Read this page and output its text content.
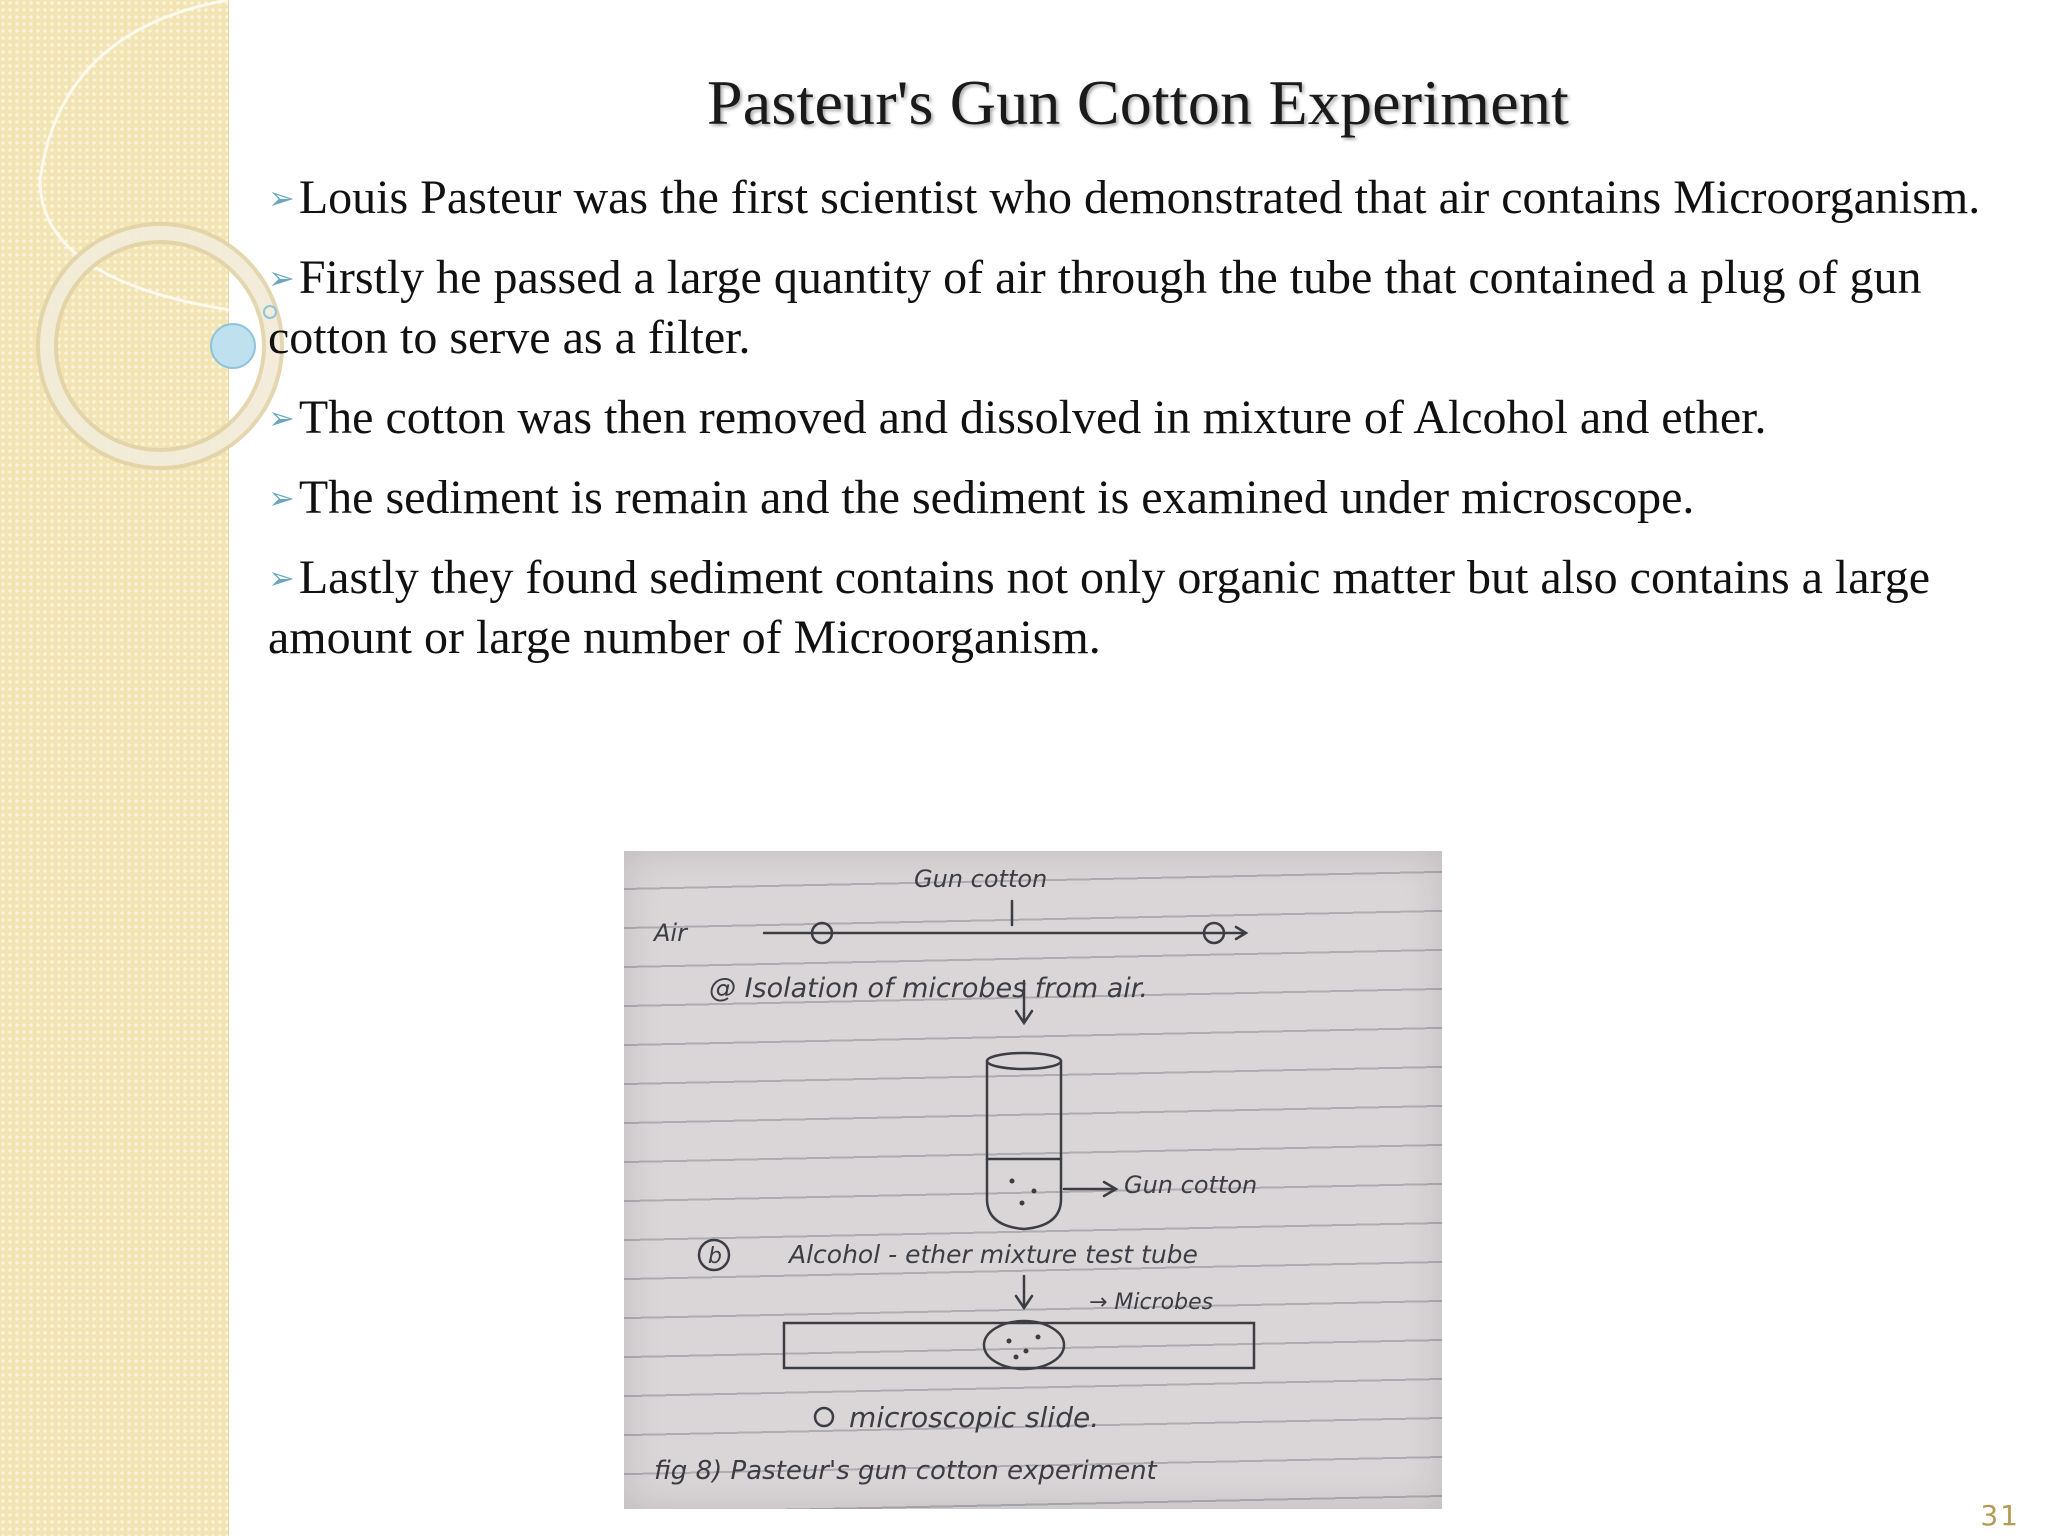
Pasteur's Gun Cotton Experiment
➢Louis Pasteur was the first scientist who demonstrated that air contains Microorganism.
➢Firstly he passed a large quantity of air through the tube that contained a plug of gun cotton to serve as a filter.
➢The cotton was then removed and dissolved in mixture of Alcohol and ether.
➢The sediment is remain and the sediment is examined under microscope.
➢Lastly they found sediment contains not only organic matter but also contains a large amount or large number of Microorganism.
Gun cotton
Air
@ Isolation of microbes from air.
Gun cotton
b	Alcohol - ether mixture test tube
→ Microbes
microscopic slide.
fig 8) Pasteur's gun cotton experiment
31
